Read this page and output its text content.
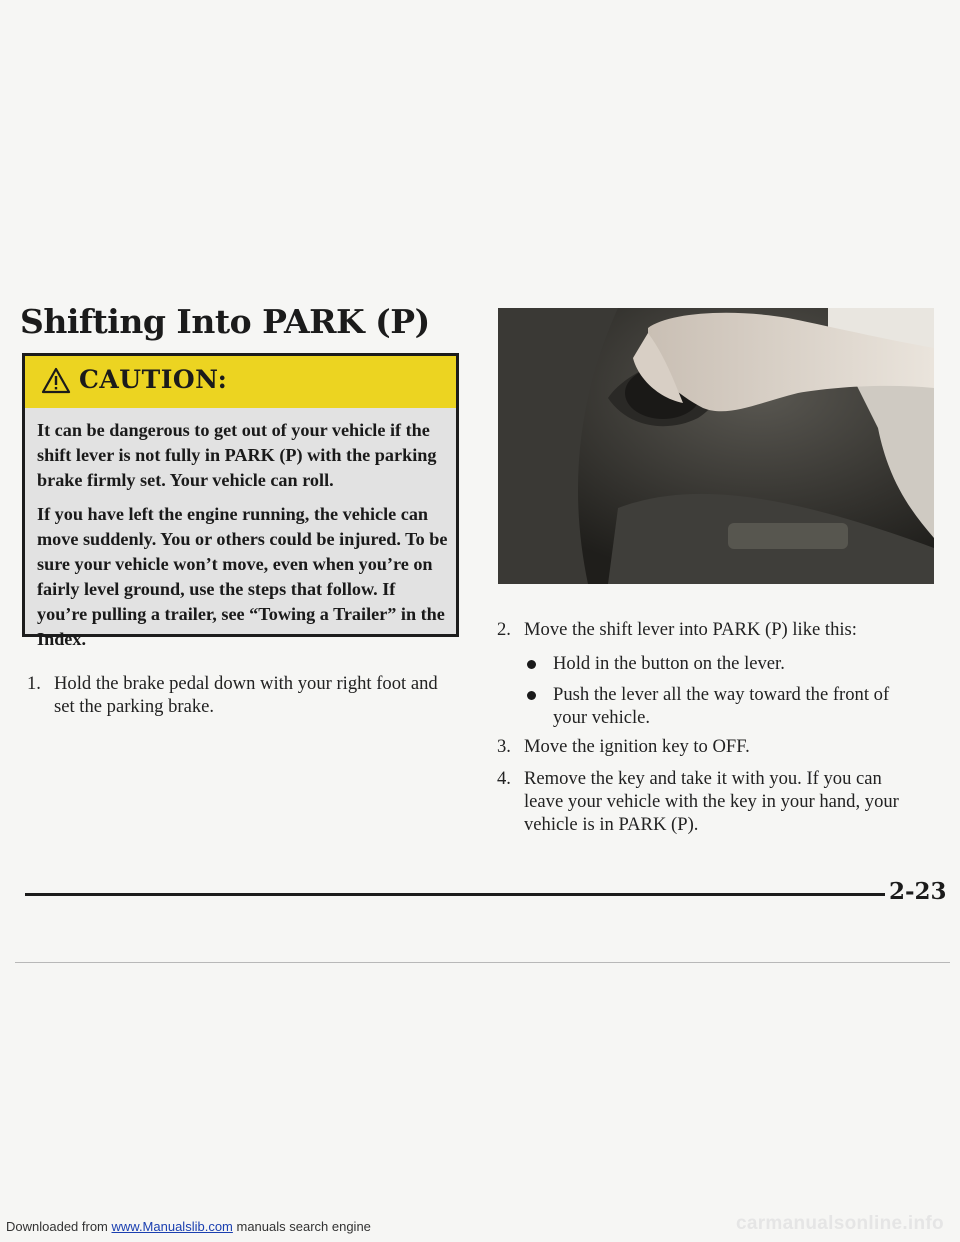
Shifting Into PARK (P)
CAUTION:

It can be dangerous to get out of your vehicle if the shift lever is not fully in PARK (P) with the parking brake firmly set. Your vehicle can roll.

If you have left the engine running, the vehicle can move suddenly. You or others could be injured. To be sure your vehicle won’t move, even when you’re on fairly level ground, use the steps that follow. If you’re pulling a trailer, see “Towing a Trailer” in the Index.

1. Hold the brake pedal down with your right foot and
set the parking brake.
2. Move the shift lever into PARK (P) like this:
Hold in the button on the lever.
Push the lever all the way toward the front of
your vehicle.
3. Move the ignition key to OFF.
4. Remove the key and take it with you. If you can
leave your vehicle with the key in your hand, your
vehicle is in PARK (P).
2-23
Downloaded from www.Manualslib.com manuals search engine	carmanualsonline.info
